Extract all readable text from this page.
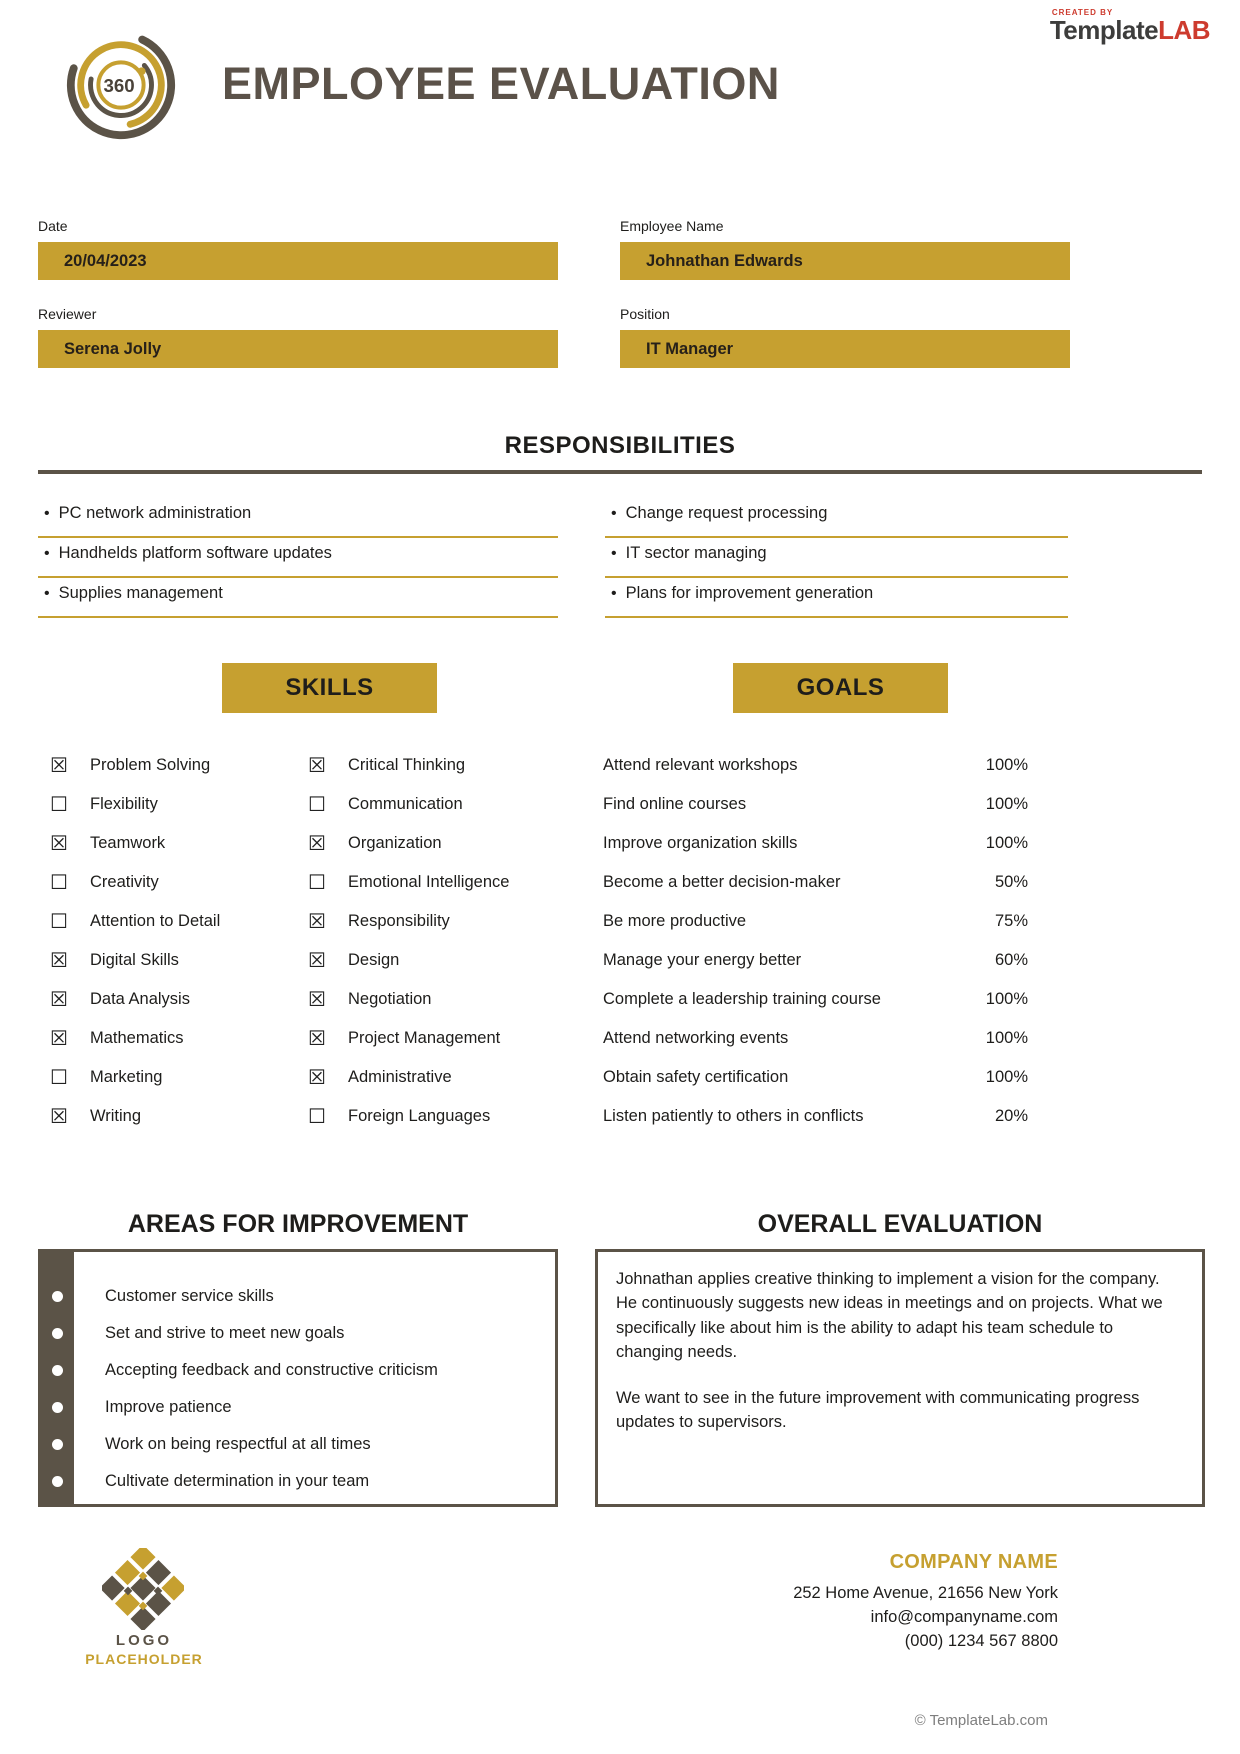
CREATED BY
TemplateLAB
360 EMPLOYEE EVALUATION
Date
20/04/2023
Employee Name
Johnathan Edwards
Reviewer
Serena Jolly
Position
IT Manager
RESPONSIBILITIES
• PC network administration
• Handhelds platform software updates
• Supplies management
• Change request processing
• IT sector managing
• Plans for improvement generation
SKILLS	GOALS
☒	Problem Solving
☐	Flexibility
☒	Teamwork
☐	Creativity
☐	Attention to Detail
☒	Digital Skills
☒	Data Analysis
☒	Mathematics
☐	Marketing
☒	Writing
☒	Critical Thinking
☐	Communication
☒	Organization
☐	Emotional Intelligence
☒	Responsibility
☒	Design
☒	Negotiation
☒	Project Management
☒	Administrative
☐	Foreign Languages
Attend relevant workshops	100%
Find online courses	100%
Improve organization skills	100%
Become a better decision-maker	50%
Be more productive	75%
Manage your energy better	60%
Complete a leadership training course	100%
Attend networking events	100%
Obtain safety certification	100%
Listen patiently to others in conflicts	20%
AREAS FOR IMPROVEMENT
Customer service skills
Set and strive to meet new goals
Accepting feedback and constructive criticism
Improve patience
Work on being respectful at all times
Cultivate determination in your team
OVERALL EVALUATION

Johnathan applies creative thinking to implement a vision for the company. He continuously suggests new ideas in meetings and on projects. What we specifically like about him is the ability to adapt his team schedule to changing needs.

We want to see in the future improvement with communicating progress updates to supervisors.

LOGO
PLACEHOLDER
COMPANY NAME
252 Home Avenue, 21656 New York
info@companyname.com
(000) 1234 567 8800
© TemplateLab.com
